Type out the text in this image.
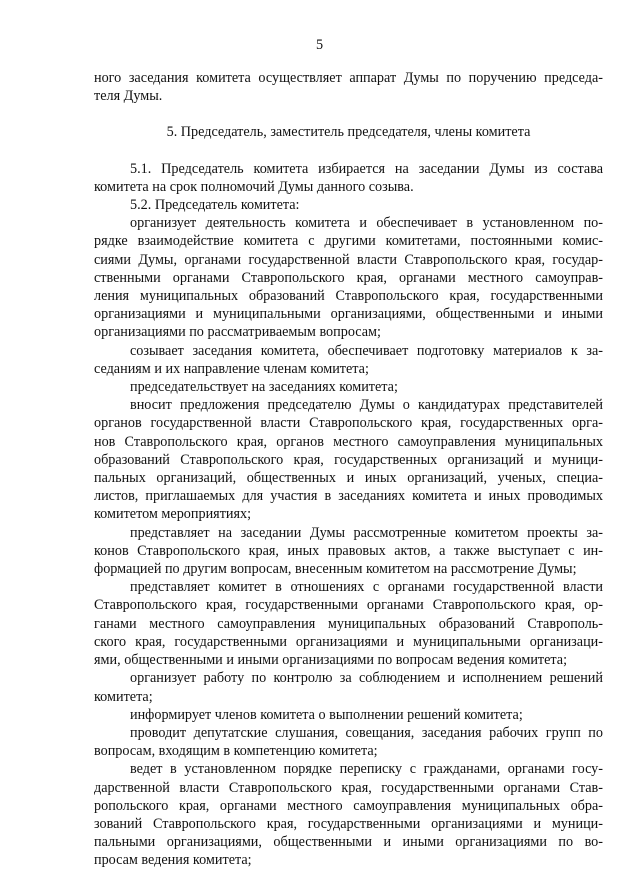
5
ного заседания комитета осуществляет аппарат Думы по поручению председа-
теля Думы.
5. Председатель, заместитель председателя, члены комитета
5.1. Председатель комитета избирается на заседании Думы из состава
комитета на срок полномочий Думы данного созыва.
5.2. Председатель комитета:
организует деятельность комитета и обеспечивает в установленном по-
рядке взаимодействие комитета с другими комитетами, постоянными комис-
сиями Думы, органами государственной власти Ставропольского края, государ-
ственными органами Ставропольского края, органами местного самоуправ-
ления муниципальных образований Ставропольского края, государственными
организациями и муниципальными организациями, общественными и иными
организациями по рассматриваемым вопросам;
созывает заседания комитета, обеспечивает подготовку материалов к за-
седаниям и их направление членам комитета;
председательствует на заседаниях комитета;
вносит предложения председателю Думы о кандидатурах представителей
органов государственной власти Ставропольского края, государственных орга-
нов Ставропольского края, органов местного самоуправления муниципальных
образований Ставропольского края, государственных организаций и муници-
пальных организаций, общественных и иных организаций, ученых, специа-
листов, приглашаемых для участия в заседаниях комитета и иных проводимых
комитетом мероприятиях;
представляет на заседании Думы рассмотренные комитетом проекты за-
конов Ставропольского края, иных правовых актов, а также выступает с ин-
формацией по другим вопросам, внесенным комитетом на рассмотрение Думы;
представляет комитет в отношениях с органами государственной власти
Ставропольского края, государственными органами Ставропольского края, ор-
ганами местного самоуправления муниципальных образований Ставрополь-
ского края, государственными организациями и муниципальными организаци-
ями, общественными и иными организациями по вопросам ведения комитета;
организует работу по контролю за соблюдением и исполнением решений
комитета;
информирует членов комитета о выполнении решений комитета;
проводит депутатские слушания, совещания, заседания рабочих групп по
вопросам, входящим в компетенцию комитета;
ведет в установленном порядке переписку с гражданами, органами госу-
дарственной власти Ставропольского края, государственными органами Став-
ропольского края, органами местного самоуправления муниципальных обра-
зований Ставропольского края, государственными организациями и муници-
пальными организациями, общественными и иными организациями по во-
просам ведения комитета;
